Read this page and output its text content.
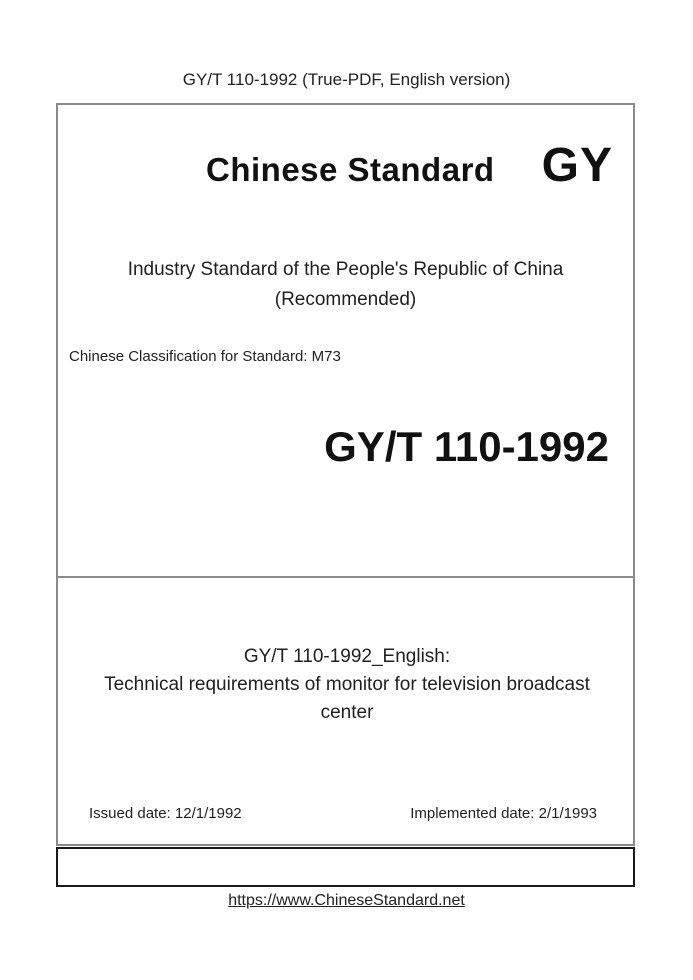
GY/T 110-1992 (True-PDF, English version)
Chinese Standard GY
Industry Standard of the People's Republic of China
(Recommended)
Chinese Classification for Standard: M73
GY/T 110-1992
GY/T 110-1992_English:
Technical requirements of monitor for television broadcast center
Issued date: 12/1/1992	Implemented date: 2/1/1993
https://www.ChineseStandard.net
